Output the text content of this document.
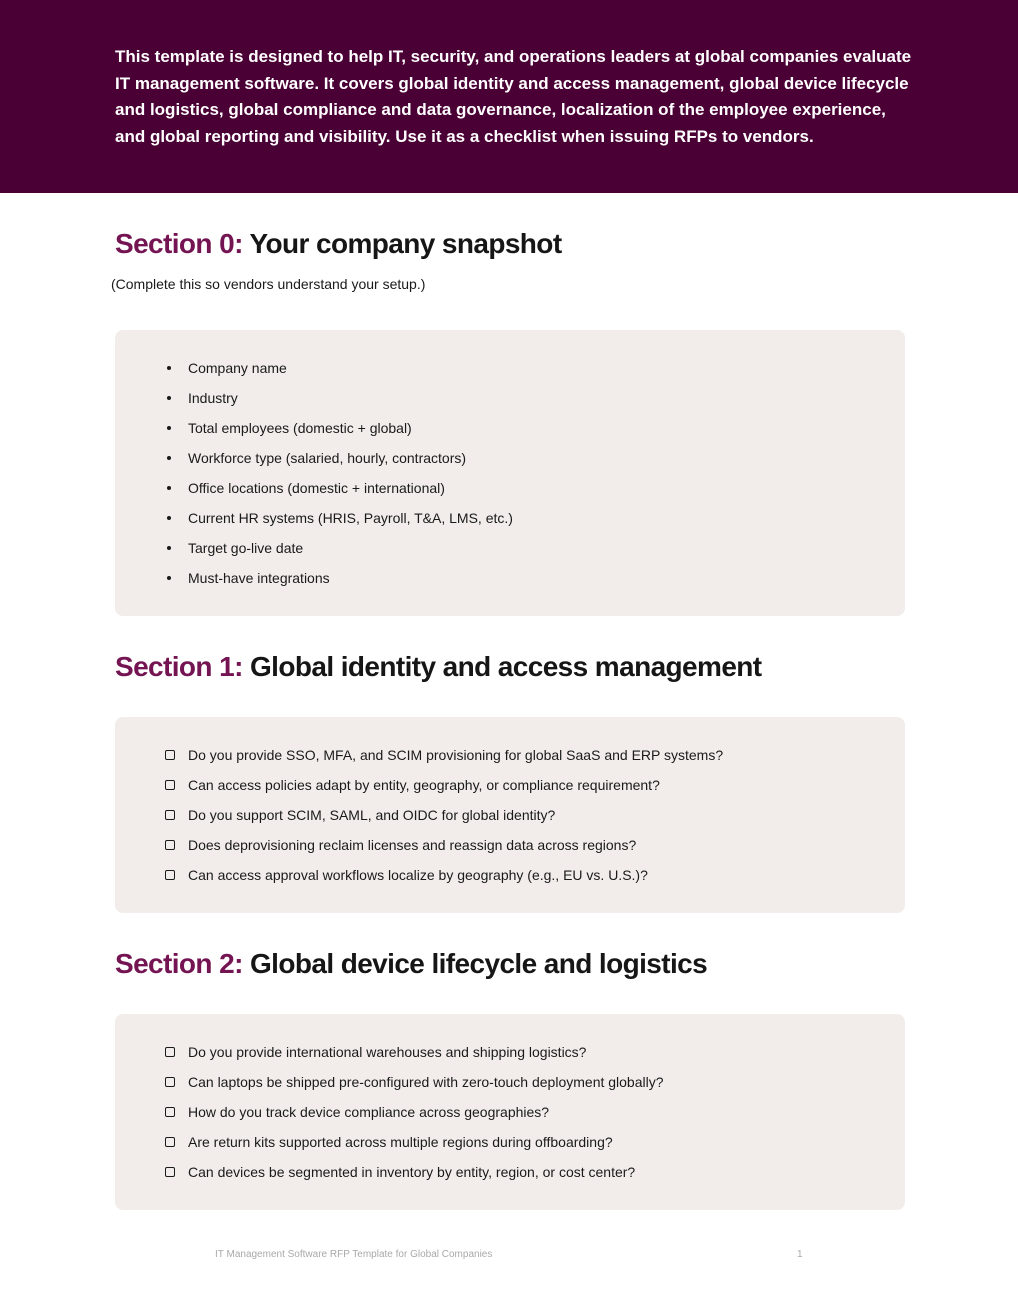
This template is designed to help IT, security, and operations leaders at global companies evaluate IT management software. It covers global identity and access management, global device lifecycle and logistics, global compliance and data governance, localization of the employee experience, and global reporting and visibility. Use it as a checklist when issuing RFPs to vendors.

Section 0: Your company snapshot

(Complete this so vendors understand your setup.)

Company name
Industry
Total employees (domestic + global)
Workforce type (salaried, hourly, contractors)
Office locations (domestic + international)
Current HR systems (HRIS, Payroll, T&A, LMS, etc.)
Target go-live date
Must-have integrations
Section 1: Global identity and access management
Do you provide SSO, MFA, and SCIM provisioning for global SaaS and ERP systems?
Can access policies adapt by entity, geography, or compliance requirement?
Do you support SCIM, SAML, and OIDC for global identity?
Does deprovisioning reclaim licenses and reassign data across regions?
Can access approval workflows localize by geography (e.g., EU vs. U.S.)?
Section 2: Global device lifecycle and logistics
Do you provide international warehouses and shipping logistics?
Can laptops be shipped pre-configured with zero-touch deployment globally?
How do you track device compliance across geographies?
Are return kits supported across multiple regions during offboarding?
Can devices be segmented in inventory by entity, region, or cost center?

IT Management Software RFP Template for Global Companies	1
